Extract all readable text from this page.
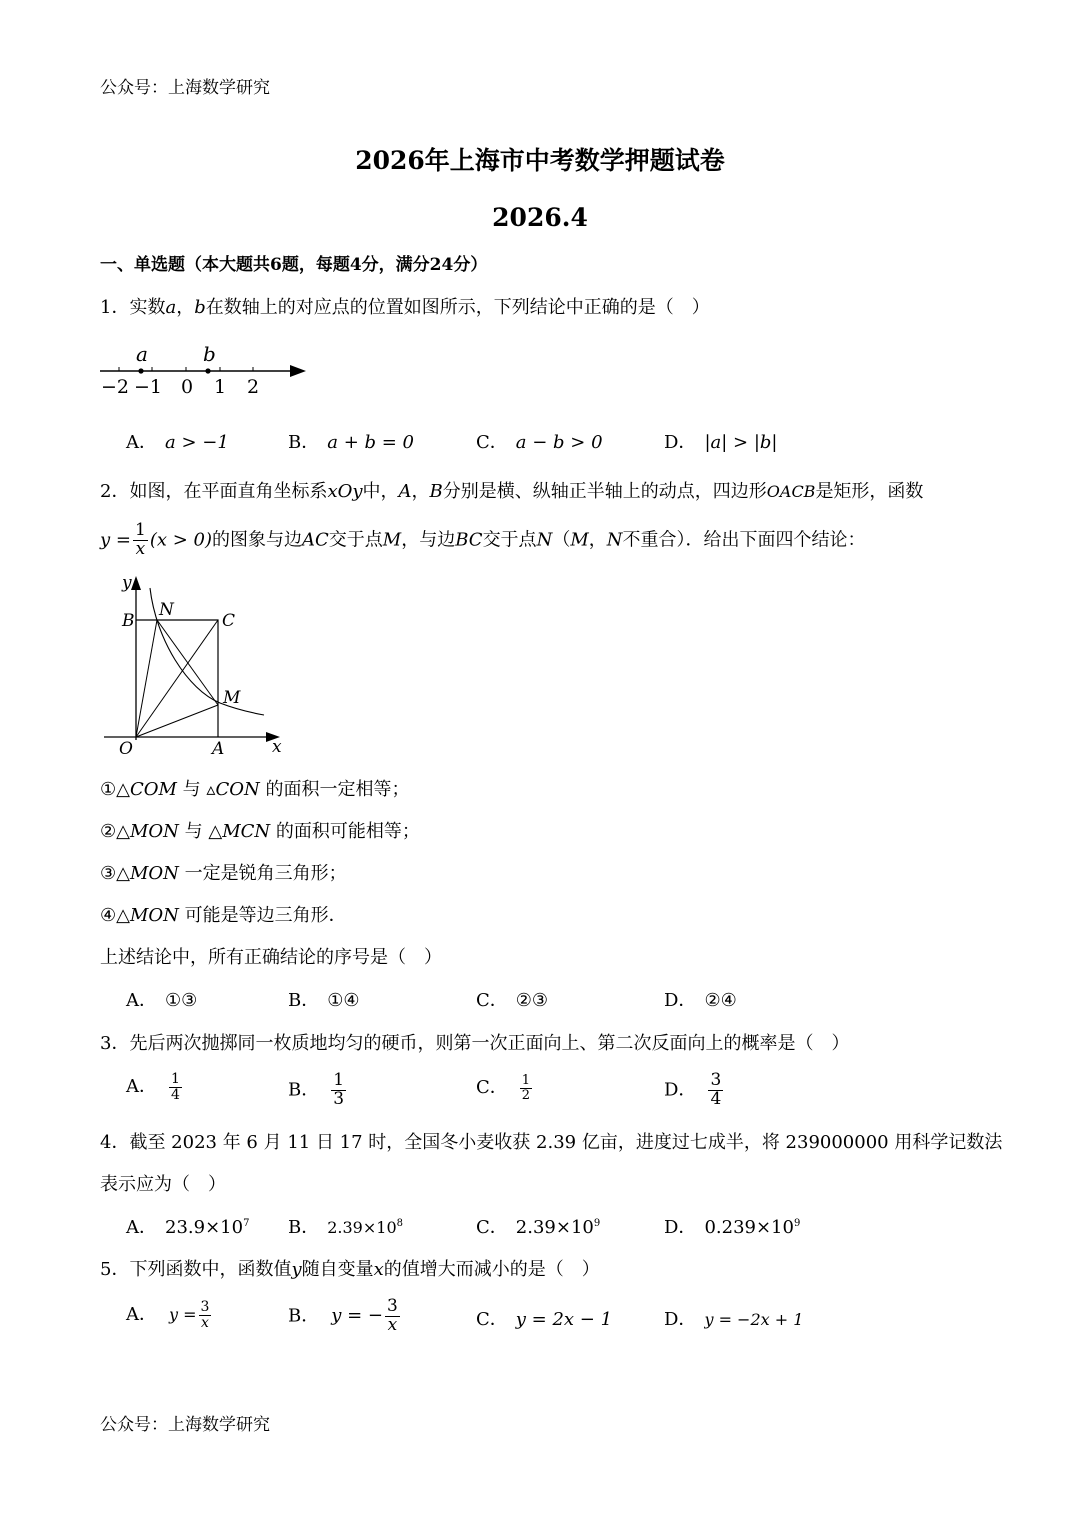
公众号：上海数学研究
2026年上海市中考数学押题试卷
2026.4
一、单选题（本大题共6题，每题4分，满分24分）
1．实数a，b在数轴上的对应点的位置如图所示，下列结论中正确的是（　）
a	b
−2 −1 0 1 2
A． a > −1	B． a + b = 0	C． a − b > 0	D． |a| > |b|
2．如图，在平面直角坐标系xOy中，A，B分别是横、纵轴正半轴上的动点，四边形OACB是矩形，函数
$y = \frac{1}{x} (x > 0)$的图象与边AC交于点M，与边BC交于点N（M，N不重合）．给出下面四个结论：
y
x
O	A
B	C
M
N
①△COM 与 ▵CON 的面积一定相等；
②△MON 与 △MCN 的面积可能相等；
③△MON 一定是锐角三角形；
④△MON 可能是等边三角形．
上述结论中，所有正确结论的序号是（　）
A． ①③	B． ①④	C． ②③	D． ②④
3．先后两次抛掷同一枚质地均匀的硬币，则第一次正面向上、第二次反面向上的概率是（　）
A． $\frac{1}{4}$	B． $\frac{1}{3}$	C． $\frac{1}{2}$	D． $\frac{3}{4}$
4．截至 2023 年 6 月 11 日 17 时，全国冬小麦收获 2.39 亿亩，进度过七成半，将 239000000 用科学记数法
表示应为（　）
A． $23.9\times 10^7$ B． $2.39\times 10^8$	C． $2.39\times 10^9$	D． $0.239\times 10^9$
5．下列函数中，函数值y随自变量x的值增大而减小的是（　）
A． $y = \frac{3}{x}$	B． y = − $\frac{3}{x}$	C． y = 2x − 1	D． y = −2x + 1
公众号：上海数学研究
